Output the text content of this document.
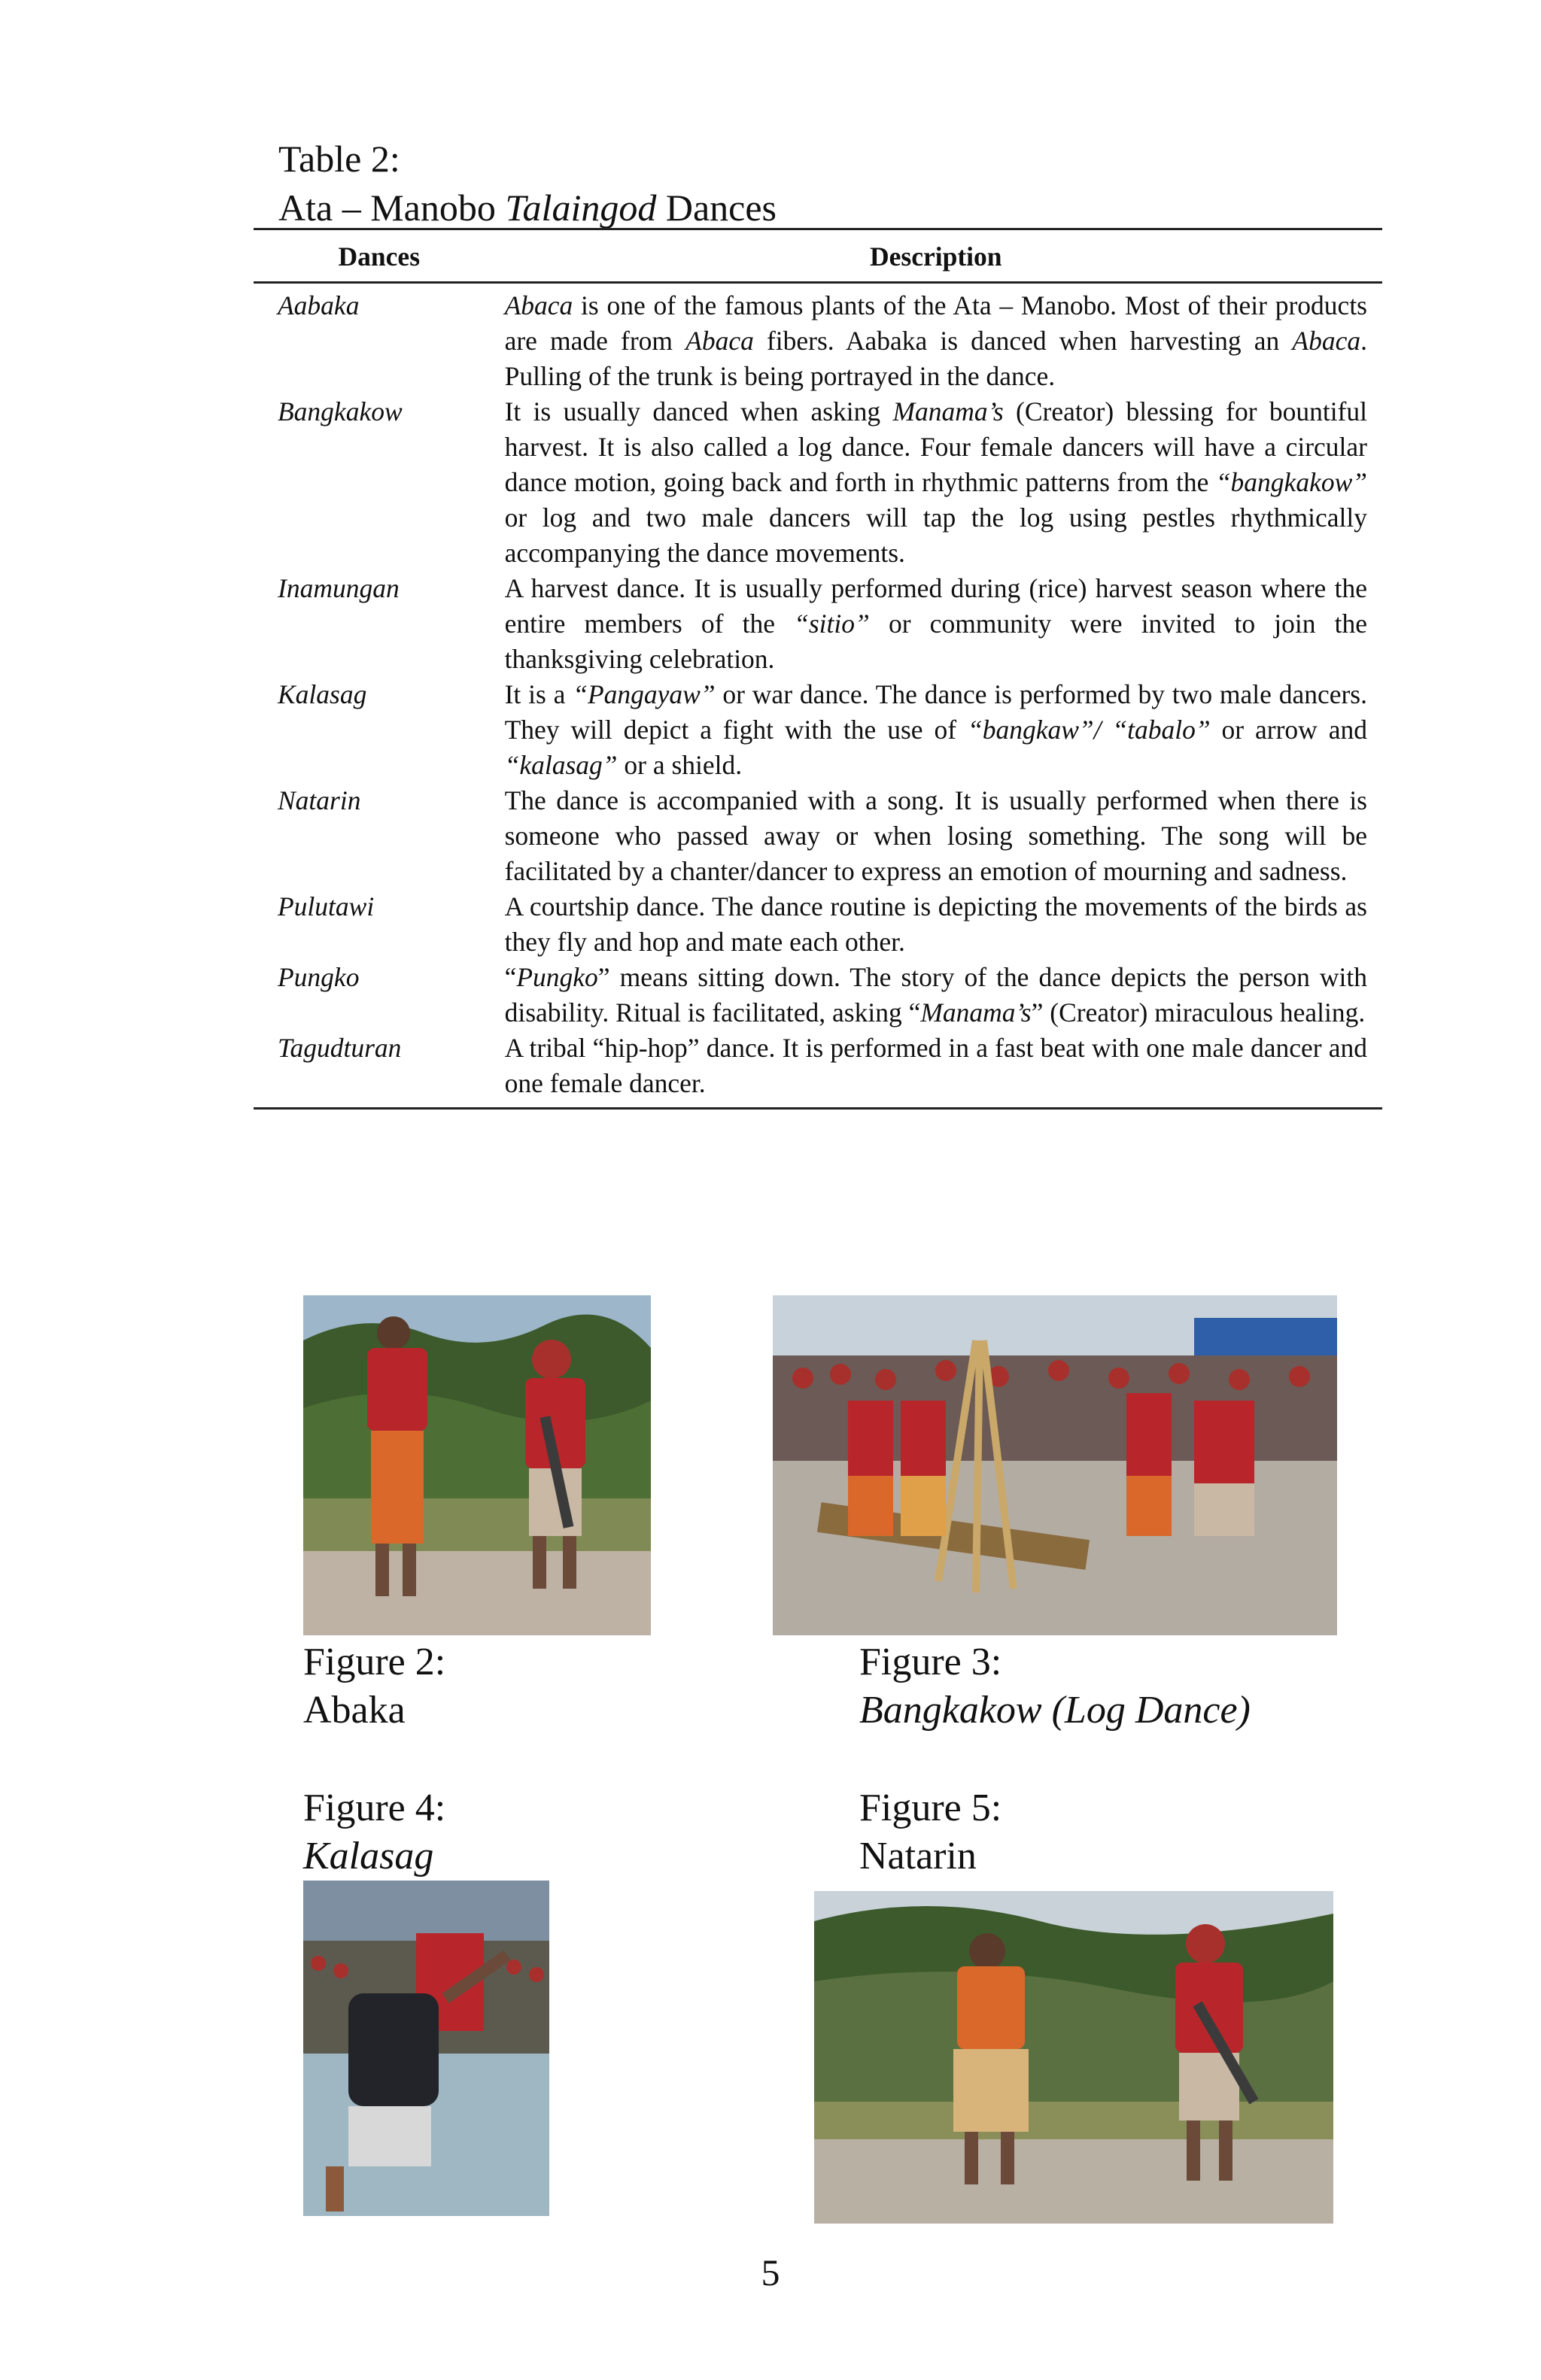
Table 2:
Ata – Manobo Talaingod Dances
Dances	Description
Aabaka	Abaca is one of the famous plants of the Ata – Manobo. Most of their products are made from Abaca fibers. Aabaka is danced when harvesting an Abaca. Pulling of the trunk is being portrayed in the dance.
Bangkakow	It is usually danced when asking Manama’s (Creator) blessing for bountiful harvest. It is also called a log dance. Four female dancers will have a circular dance motion, going back and forth in rhythmic patterns from the “bangkakow” or log and two male dancers will tap the log using pestles rhythmically accompanying the dance movements.
Inamungan	A harvest dance. It is usually performed during (rice) harvest season where the entire members of the “sitio” or community were invited to join the thanksgiving celebration.
Kalasag	It is a “Pangayaw” or war dance. The dance is performed by two male dancers. They will depict a fight with the use of “bangkaw”/ “tabalo” or arrow and “kalasag” or a shield.
Natarin	The dance is accompanied with a song. It is usually performed when there is someone who passed away or when losing something. The song will be facilitated by a chanter/dancer to express an emotion of mourning and sadness.
Pulutawi	A courtship dance. The dance routine is depicting the movements of the birds as they fly and hop and mate each other.
Pungko	“Pungko” means sitting down. The story of the dance depicts the person with disability. Ritual is facilitated, asking “Manama’s” (Creator) miraculous healing.
Tagudturan	A tribal “hip-hop” dance. It is performed in a fast beat with one male dancer and one female dancer.
Figure 2:
Abaka
Figure 3:
Bangkakow (Log Dance)
Figure 4:
Kalasag
Figure 5:
Natarin
5
